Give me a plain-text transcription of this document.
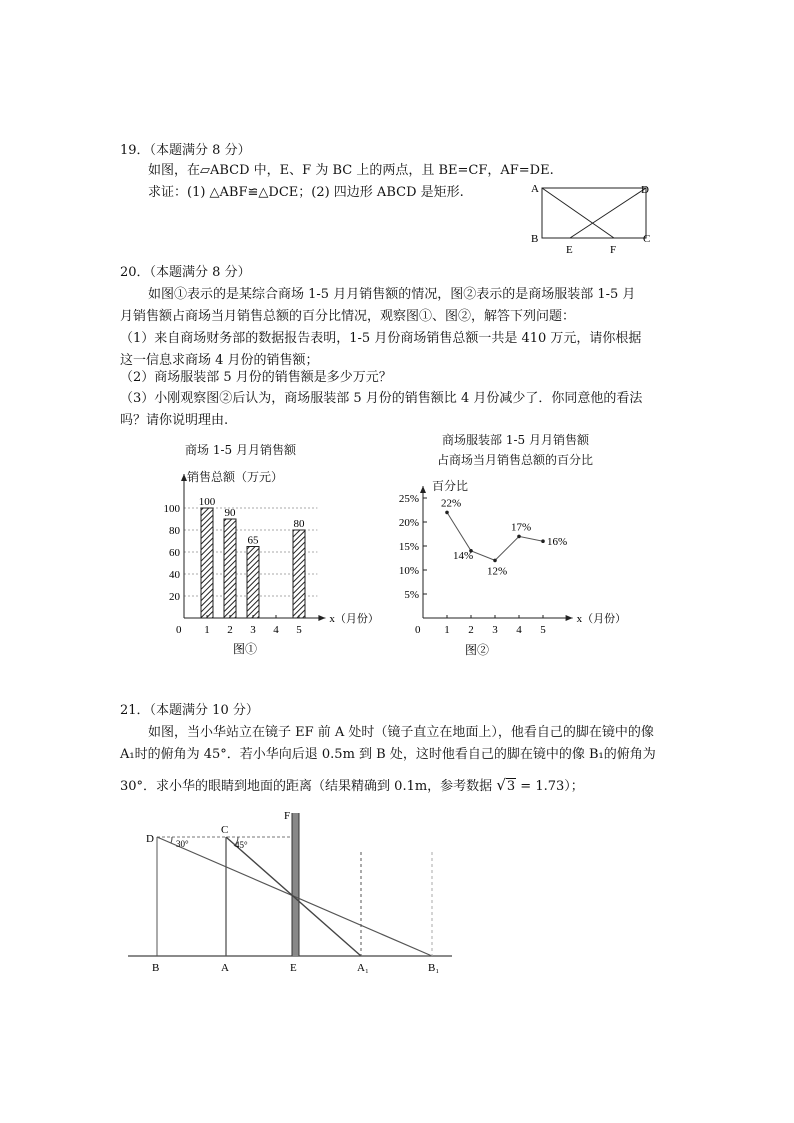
19．（本题满分 8 分）
如图，在▱ABCD 中，E、F 为 BC 上的两点，且 BE=CF，AF=DE.
求证：(1) △ABF≌△DCE；(2) 四边形 ABCD 是矩形.	A	D
B	C
E	F
20．（本题满分 8 分）
如图①表示的是某综合商场 1-5 月月销售额的情况，图②表示的是商场服装部 1-5 月
月销售额占商场当月销售总额的百分比情况，观察图①、图②，解答下列问题：
（1）来自商场财务部的数据报告表明，1-5 月份商场销售总额一共是 410 万元，请你根据
这一信息求商场 4 月份的销售额；
（2）商场服装部 5 月份的销售额是多少万元？
（3）小刚观察图②后认为，商场服装部 5 月份的销售额比 4 月份减少了．你同意他的看法
吗？请你说明理由.
商场 1-5 月月销售额
销售总额（万元）
商场服装部 1-5 月月销售额
占商场当月销售总额的百分比
百分比
20
40
60
80
100
1
100
2
90
3
65
4 5
80
x（月份）
图①
0
5%
10%
15%
20%
25%
1 2 3 4 5
22%
14%
12%
17%
16%
x（月份）
图②
0
21．（本题满分 10 分）
如图，当小华站立在镜子 EF 前 A 处时（镜子直立在地面上），他看自己的脚在镜中的像
A₁时的俯角为 45°．若小华向后退 0.5m 到 B 处，这时他看自己的脚在镜中的像 B₁的俯角为
30°．求小华的眼睛到地面的距离（结果精确到 0.1m，参考数据 √3 = 1.73）；
D
C
F
30°	45°
B	A	E	A₁	B₁
